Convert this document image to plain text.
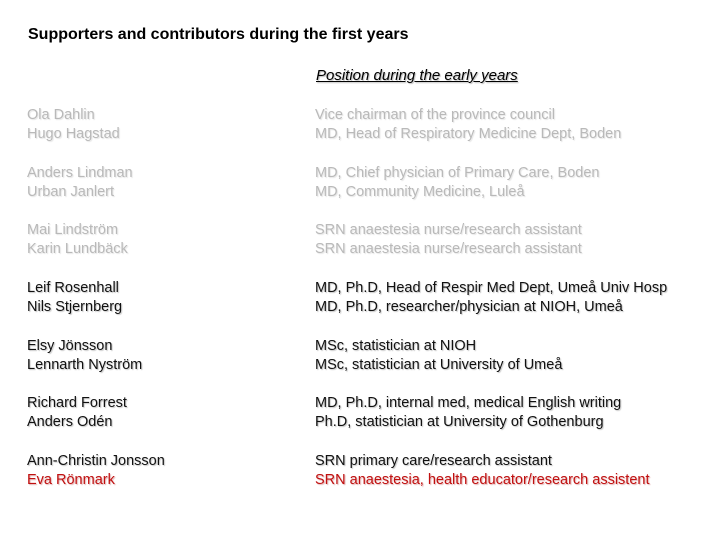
Supporters and contributors during the first years
Position during the early years
Ola Dahlin
Hugo Hagstad
Vice chairman of the province council
MD, Head of Respiratory Medicine Dept, Boden
Anders Lindman
Urban Janlert
MD, Chief physician of Primary Care, Boden
MD, Community Medicine, Luleå
Mai Lindström
Karin Lundbäck
SRN anaestesia nurse/research assistant
SRN anaestesia nurse/research assistant
Leif Rosenhall
Nils Stjernberg
MD, Ph.D, Head of Respir Med Dept, Umeå Univ Hosp
MD, Ph.D, researcher/physician at NIOH, Umeå
Elsy Jönsson
Lennarth Nyström
MSc, statistician at NIOH
MSc, statistician at University of Umeå
Richard Forrest
Anders Odén
MD, Ph.D, internal med, medical English writing
Ph.D, statistician at University of Gothenburg
Ann-Christin Jonsson
Eva Rönmark
SRN primary care/research assistant
SRN anaestesia, health educator/research assistent
